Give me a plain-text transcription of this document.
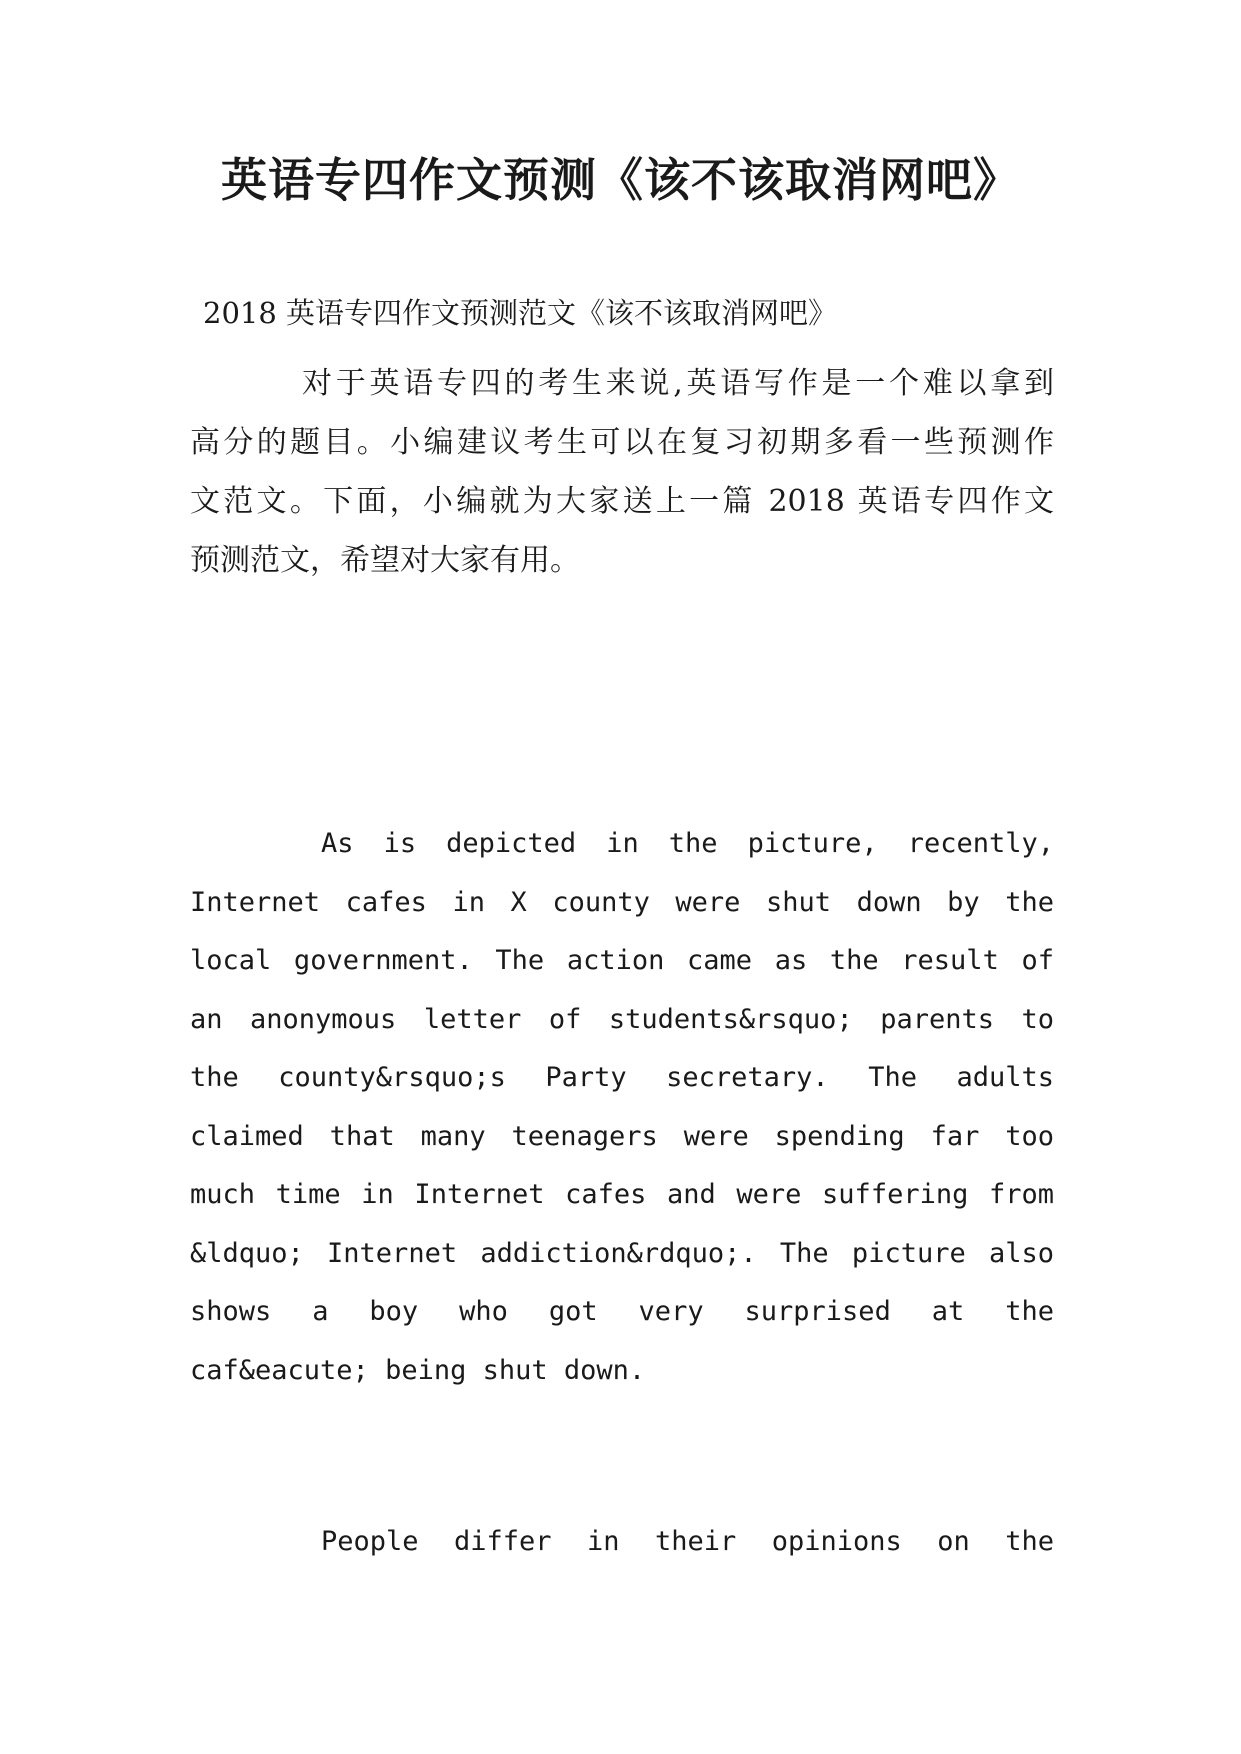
英语专四作文预测《该不该取消网吧》
2018 英语专四作文预测范文《该不该取消网吧》
对于英语专四的考生来说,英语写作是一个难以拿到
高分的题目。小编建议考生可以在复习初期多看一些预测作
文范文。下面，小编就为大家送上一篇 2018 英语专四作文
预测范文，希望对大家有用。
As is depicted in the picture, recently,
Internet cafes in X county were shut down by the
local government. The action came as the result of
an anonymous letter of students&rsquo; parents to
the county&rsquo;s Party secretary. The adults
claimed that many teenagers were spending far too
much time in Internet cafes and were suffering from
&ldquo; Internet addiction&rdquo;. The picture also
shows a boy who got very surprised at the
caf&eacute; being shut down.
People differ in their opinions on the
